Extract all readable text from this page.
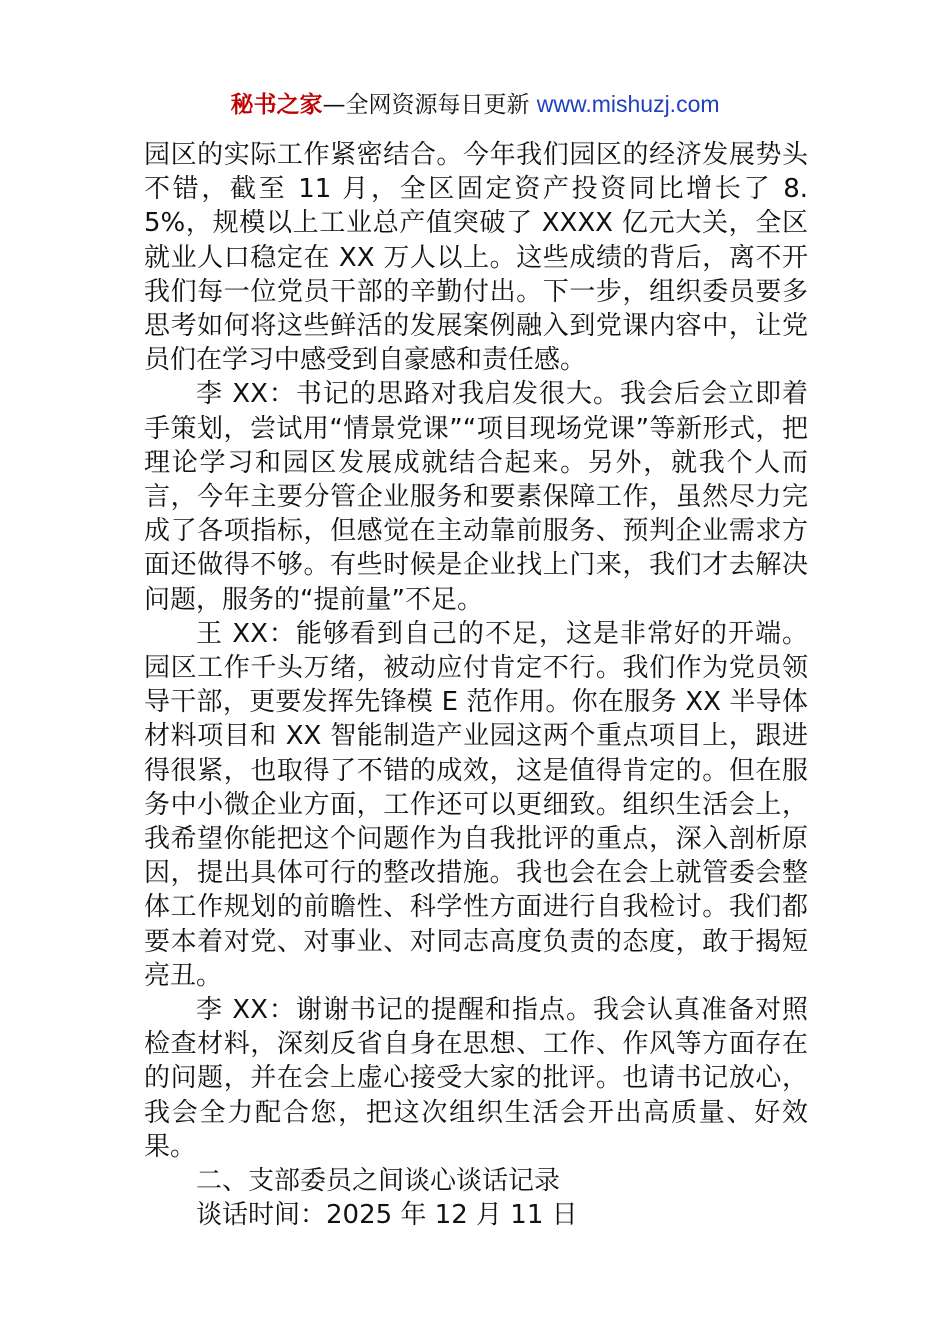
秘书之家—全网资源每日更新 www.mishuzj.com

园区的实际工作紧密结合。今年我们园区的经济发展势头不错，截至 11 月，全区固定资产投资同比增长了 8.5%，规模以上工业总产值突破了 XXXX 亿元大关，全区就业人口稳定在 XX 万人以上。这些成绩的背后，离不开我们每一位党员干部的辛勤付出。下一步，组织委员要多思考如何将这些鲜活的发展案例融入到党课内容中，让党员们在学习中感受到自豪感和责任感。

李 XX：书记的思路对我启发很大。我会后会立即着手策划，尝试用“情景党课”“项目现场党课”等新形式，把理论学习和园区发展成就结合起来。另外，就我个人而言，今年主要分管企业服务和要素保障工作，虽然尽力完成了各项指标，但感觉在主动靠前服务、预判企业需求方面还做得不够。有些时候是企业找上门来，我们才去解决问题，服务的“提前量”不足。

王 XX：能够看到自己的不足，这是非常好的开端。园区工作千头万绪，被动应付肯定不行。我们作为党员领导干部，更要发挥先锋模 E 范作用。你在服务 XX 半导体材料项目和 XX 智能制造产业园这两个重点项目上，跟进得很紧，也取得了不错的成效，这是值得肯定的。但在服务中小微企业方面，工作还可以更细致。组织生活会上，我希望你能把这个问题作为自我批评的重点，深入剖析原因，提出具体可行的整改措施。我也会在会上就管委会整体工作规划的前瞻性、科学性方面进行自我检讨。我们都要本着对党、对事业、对同志高度负责的态度，敢于揭短亮丑。

李 XX：谢谢书记的提醒和指点。我会认真准备对照检查材料，深刻反省自身在思想、工作、作风等方面存在的问题，并在会上虚心接受大家的批评。也请书记放心，我会全力配合您，把这次组织生活会开出高质量、好效果。

二、支部委员之间谈心谈话记录

谈话时间：2025 年 12 月 11 日
